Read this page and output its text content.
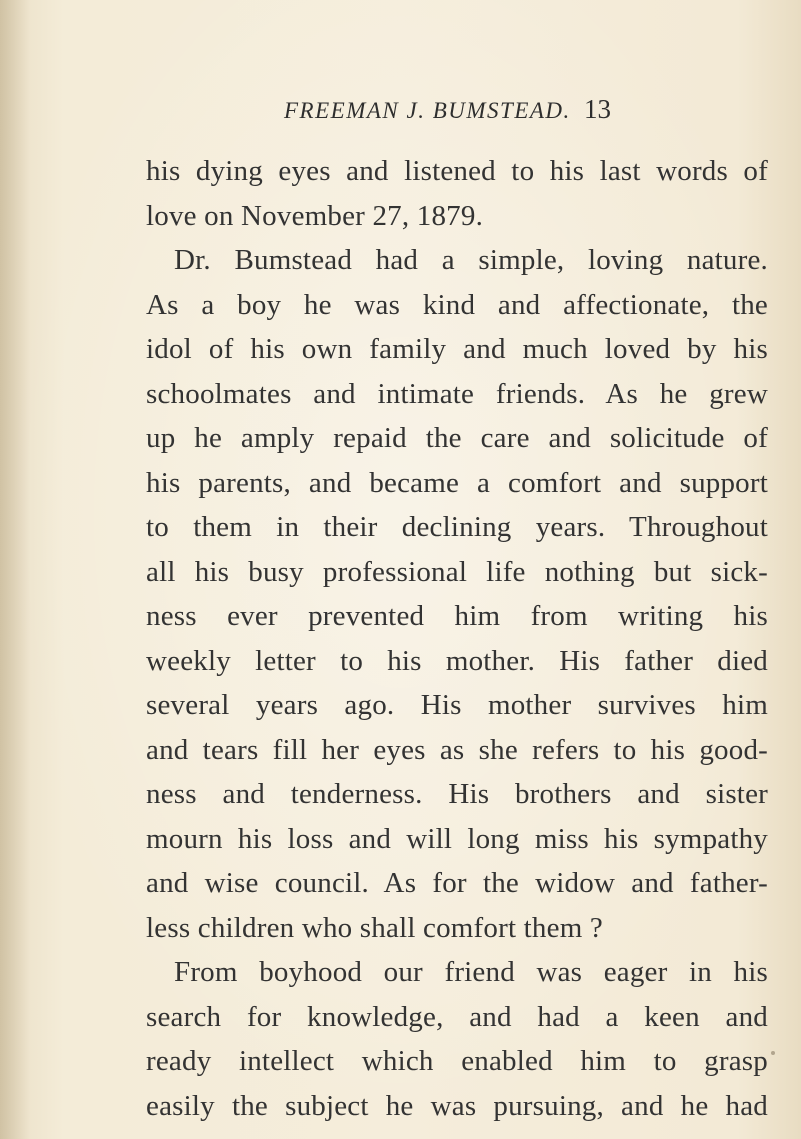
FREEMAN J. BUMSTEAD. 13
his dying eyes and listened to his last words of
love on November 27, 1879.
Dr. Bumstead had a simple, loving nature.
As a boy he was kind and affectionate, the
idol of his own family and much loved by his
schoolmates and intimate friends. As he grew
up he amply repaid the care and solicitude of
his parents, and became a comfort and support
to them in their declining years. Throughout
all his busy professional life nothing but sick-
ness ever prevented him from writing his
weekly letter to his mother. His father died
several years ago. His mother survives him
and tears fill her eyes as she refers to his good-
ness and tenderness. His brothers and sister
mourn his loss and will long miss his sympathy
and wise council. As for the widow and father-
less children who shall comfort them ?
From boyhood our friend was eager in his
search for knowledge, and had a keen and
ready intellect which enabled him to grasp
easily the subject he was pursuing, and he had
